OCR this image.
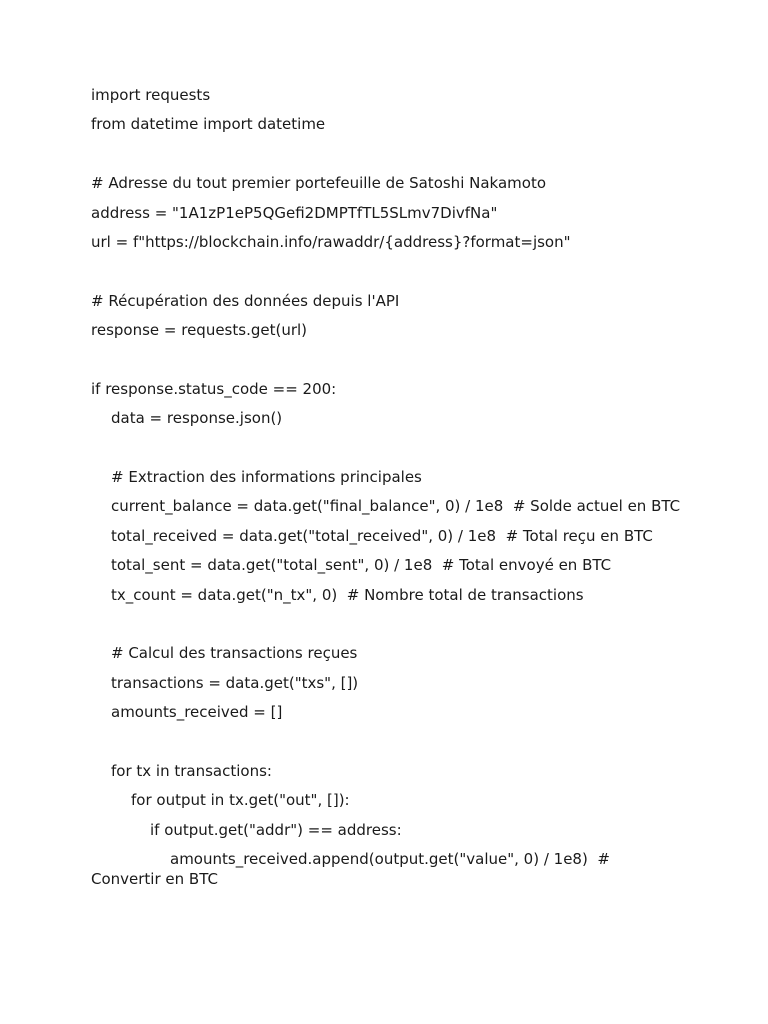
import requests
from datetime import datetime
# Adresse du tout premier portefeuille de Satoshi Nakamoto
address = "1A1zP1eP5QGefi2DMPTfTL5SLmv7DivfNa"
url = f"https://blockchain.info/rawaddr/{address}?format=json"
# Récupération des données depuis l'API
response = requests.get(url)
if response.status_code == 200:
data = response.json()
# Extraction des informations principales
current_balance = data.get("final_balance", 0) / 1e8  # Solde actuel en BTC
total_received = data.get("total_received", 0) / 1e8  # Total reçu en BTC
total_sent = data.get("total_sent", 0) / 1e8  # Total envoyé en BTC
tx_count = data.get("n_tx", 0)  # Nombre total de transactions
# Calcul des transactions reçues
transactions = data.get("txs", [])
amounts_received = []
for tx in transactions:
for output in tx.get("out", []):
if output.get("addr") == address:
amounts_received.append(output.get("value", 0) / 1e8)  # Convertir en BTC
